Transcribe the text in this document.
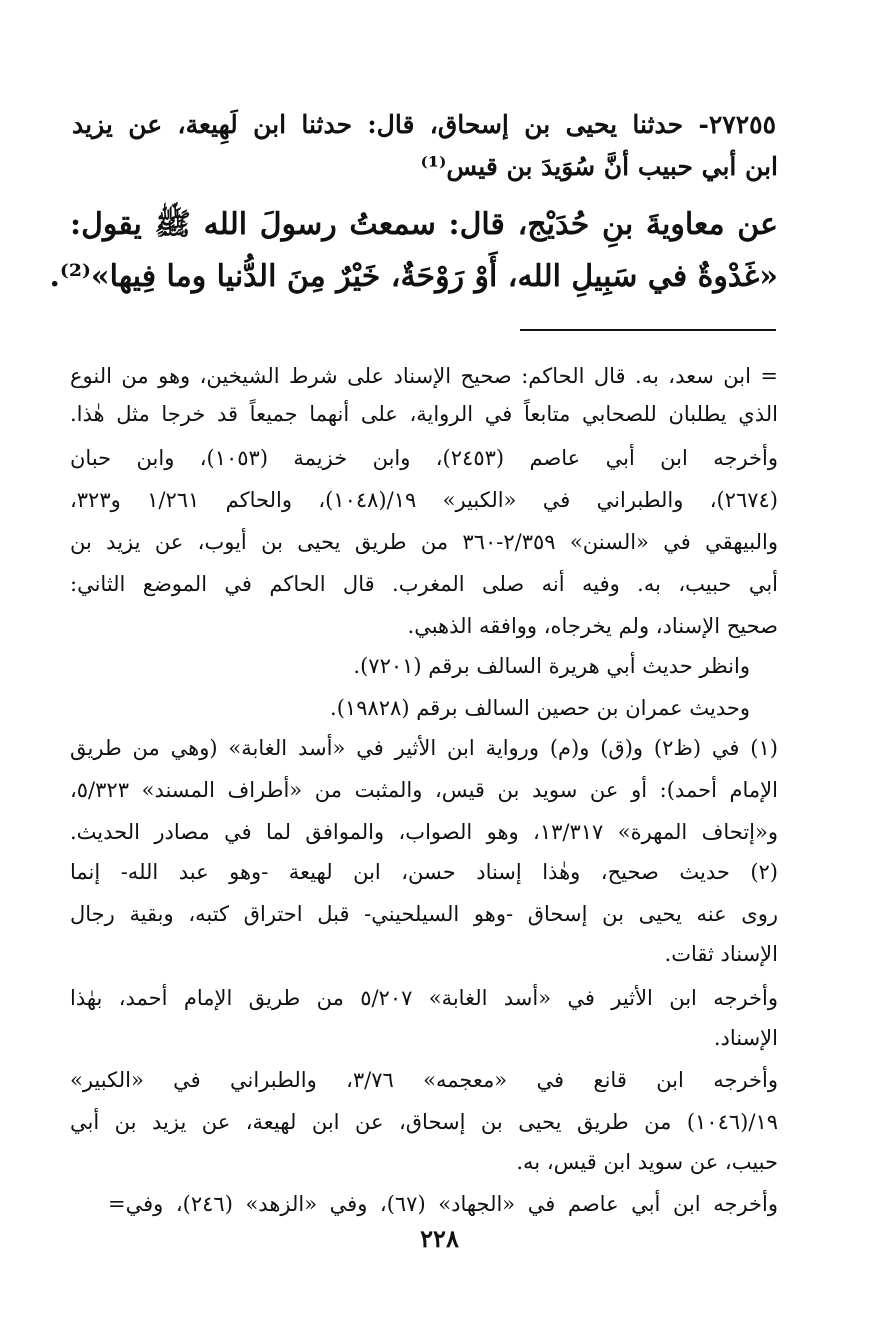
٢٧٢٥٥- حدثنا يحيى بن إسحاق، قال: حدثنا ابن لَهِيعة، عن يزيد
ابن أبي حبيب أنَّ سُوَيدَ بن قيس⁽¹⁾
عن معاويةَ بنِ حُدَيْج، قال: سمعتُ رسولَ الله ﷺ يقول:
«غَدْوةٌ في سَبِيلِ الله، أَوْ رَوْحَةٌ، خَيْرٌ مِنَ الدُّنيا وما فِيها»⁽²⁾.
= ابن سعد، به. قال الحاكم: صحيح الإسناد على شرط الشيخين، وهو من النوع
الذي يطلبان للصحابي متابعاً في الرواية، على أنهما جميعاً قد خرجا مثل هٰذا.
وأخرجه ابن أبي عاصم (٢٤٥٣)، وابن خزيمة (١٠٥٣)، وابن حبان
(٢٦٧٤)، والطبراني في «الكبير» ١٩/(١٠٤٨)، والحاكم ١/٢٦١ و٣٢٣،
والبيهقي في «السنن» ٢/٣٥٩-٣٦٠ من طريق يحيى بن أيوب، عن يزيد بن
أبي حبيب، به. وفيه أنه صلى المغرب. قال الحاكم في الموضع الثاني:
صحيح الإسناد، ولم يخرجاه، ووافقه الذهبي.
وانظر حديث أبي هريرة السالف برقم (٧٢٠١).
وحديث عمران بن حصين السالف برقم (١٩٨٢٨).
(١) في (ظ٢) و(ق) و(م) ورواية ابن الأثير في «أسد الغابة» (وهي من طريق
الإمام أحمد): أو عن سويد بن قيس، والمثبت من «أطراف المسند» ٥/٣٢٣،
و«إتحاف المهرة» ١٣/٣١٧، وهو الصواب، والموافق لما في مصادر الحديث.
(٢) حديث صحيح، وهٰذا إسناد حسن، ابن لهيعة -وهو عبد الله- إنما
روى عنه يحيى بن إسحاق -وهو السيلحيني- قبل احتراق كتبه، وبقية رجال
الإسناد ثقات.
وأخرجه ابن الأثير في «أسد الغابة» ٥/٢٠٧ من طريق الإمام أحمد، بهٰذا
الإسناد.
وأخرجه ابن قانع في «معجمه» ٣/٧٦، والطبراني في «الكبير»
١٩/(١٠٤٦) من طريق يحيى بن إسحاق، عن ابن لهيعة، عن يزيد بن أبي
حبيب، عن سويد ابن قيس، به.
وأخرجه ابن أبي عاصم في «الجهاد» (٦٧)، وفي «الزهد» (٢٤٦)، وفي=
٢٢٨
